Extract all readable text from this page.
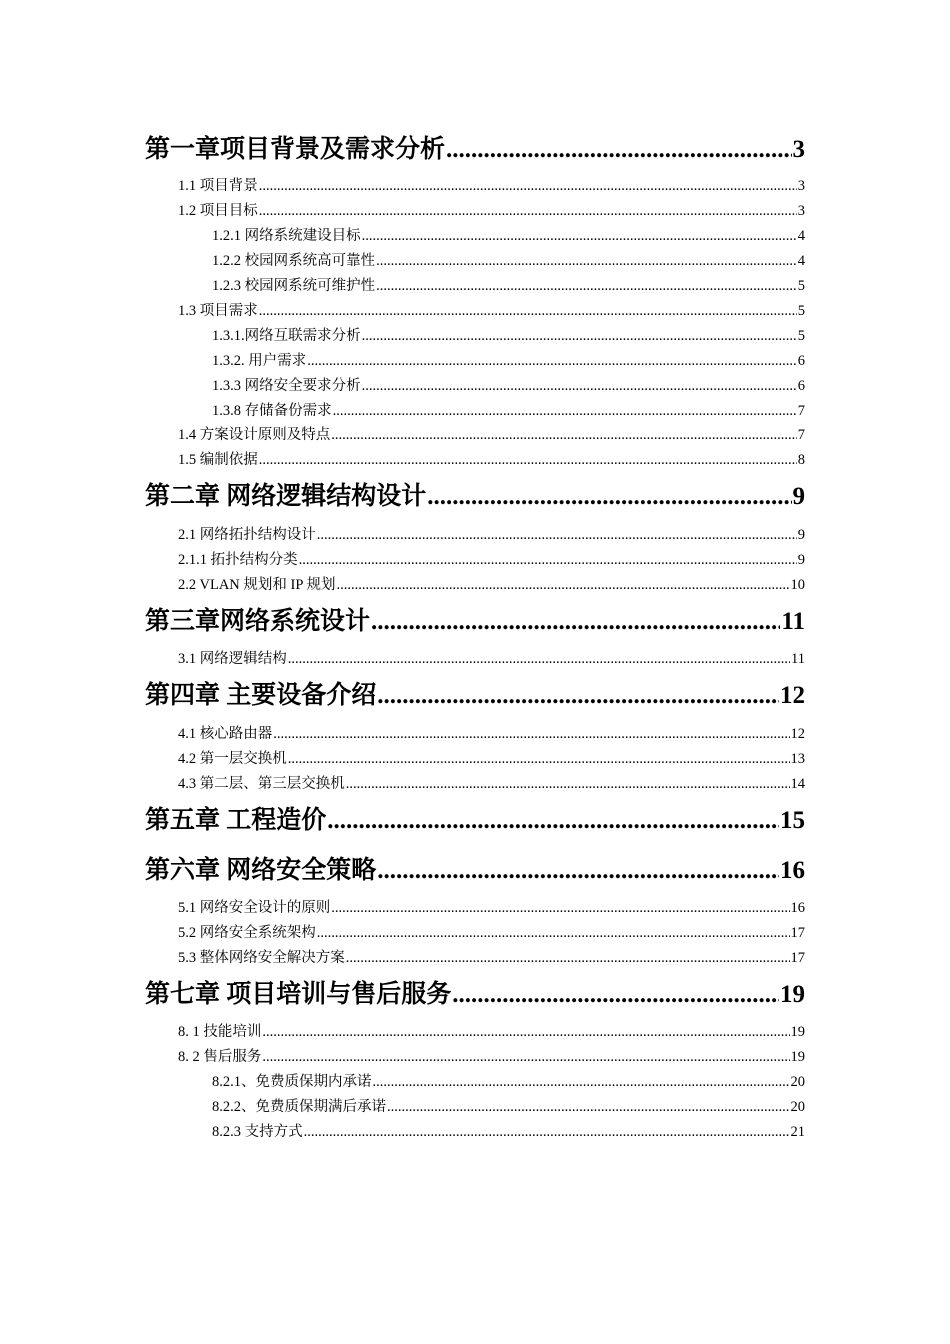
第一章项目背景及需求分析 .....	3
1.1 项目背景 .....	3
1.2 项目目标 .....	3
1.2.1 网络系统建设目标 .....	4
1.2.2 校园网系统高可靠性 .....	4
1.2.3 校园网系统可维护性 .....	5
1.3 项目需求 .....	5
1.3.1.网络互联需求分析 .....	5
1.3.2. 用户需求 .....	6
1.3.3 网络安全要求分析 .....	6
1.3.8 存储备份需求 .....	7
1.4 方案设计原则及特点 .....	7
1.5 编制依据 .....	8
第二章 网络逻辑结构设计 .....	9
2.1 网络拓扑结构设计 .....	9
2.1.1 拓扑结构分类 .....	9
2.2 VLAN 规划和 IP 规划 .....	10
第三章网络系统设计 .....	11
3.1 网络逻辑结构 .....	11
第四章 主要设备介绍 .....	12
4.1 核心路由器 .....	12
4.2 第一层交换机 .....	13
4.3 第二层、第三层交换机 .....	14
第五章 工程造价 .....	15
第六章 网络安全策略 .....	16
5.1 网络安全设计的原则 .....	16
5.2 网络安全系统架构 .....	17
5.3 整体网络安全解决方案 .....	17
第七章 项目培训与售后服务 .....	19
8. 1 技能培训 .....	19
8. 2 售后服务 .....	19
8.2.1、免费质保期内承诺 .....	20
8.2.2、免费质保期满后承诺 .....	20
8.2.3 支持方式 .....	21
